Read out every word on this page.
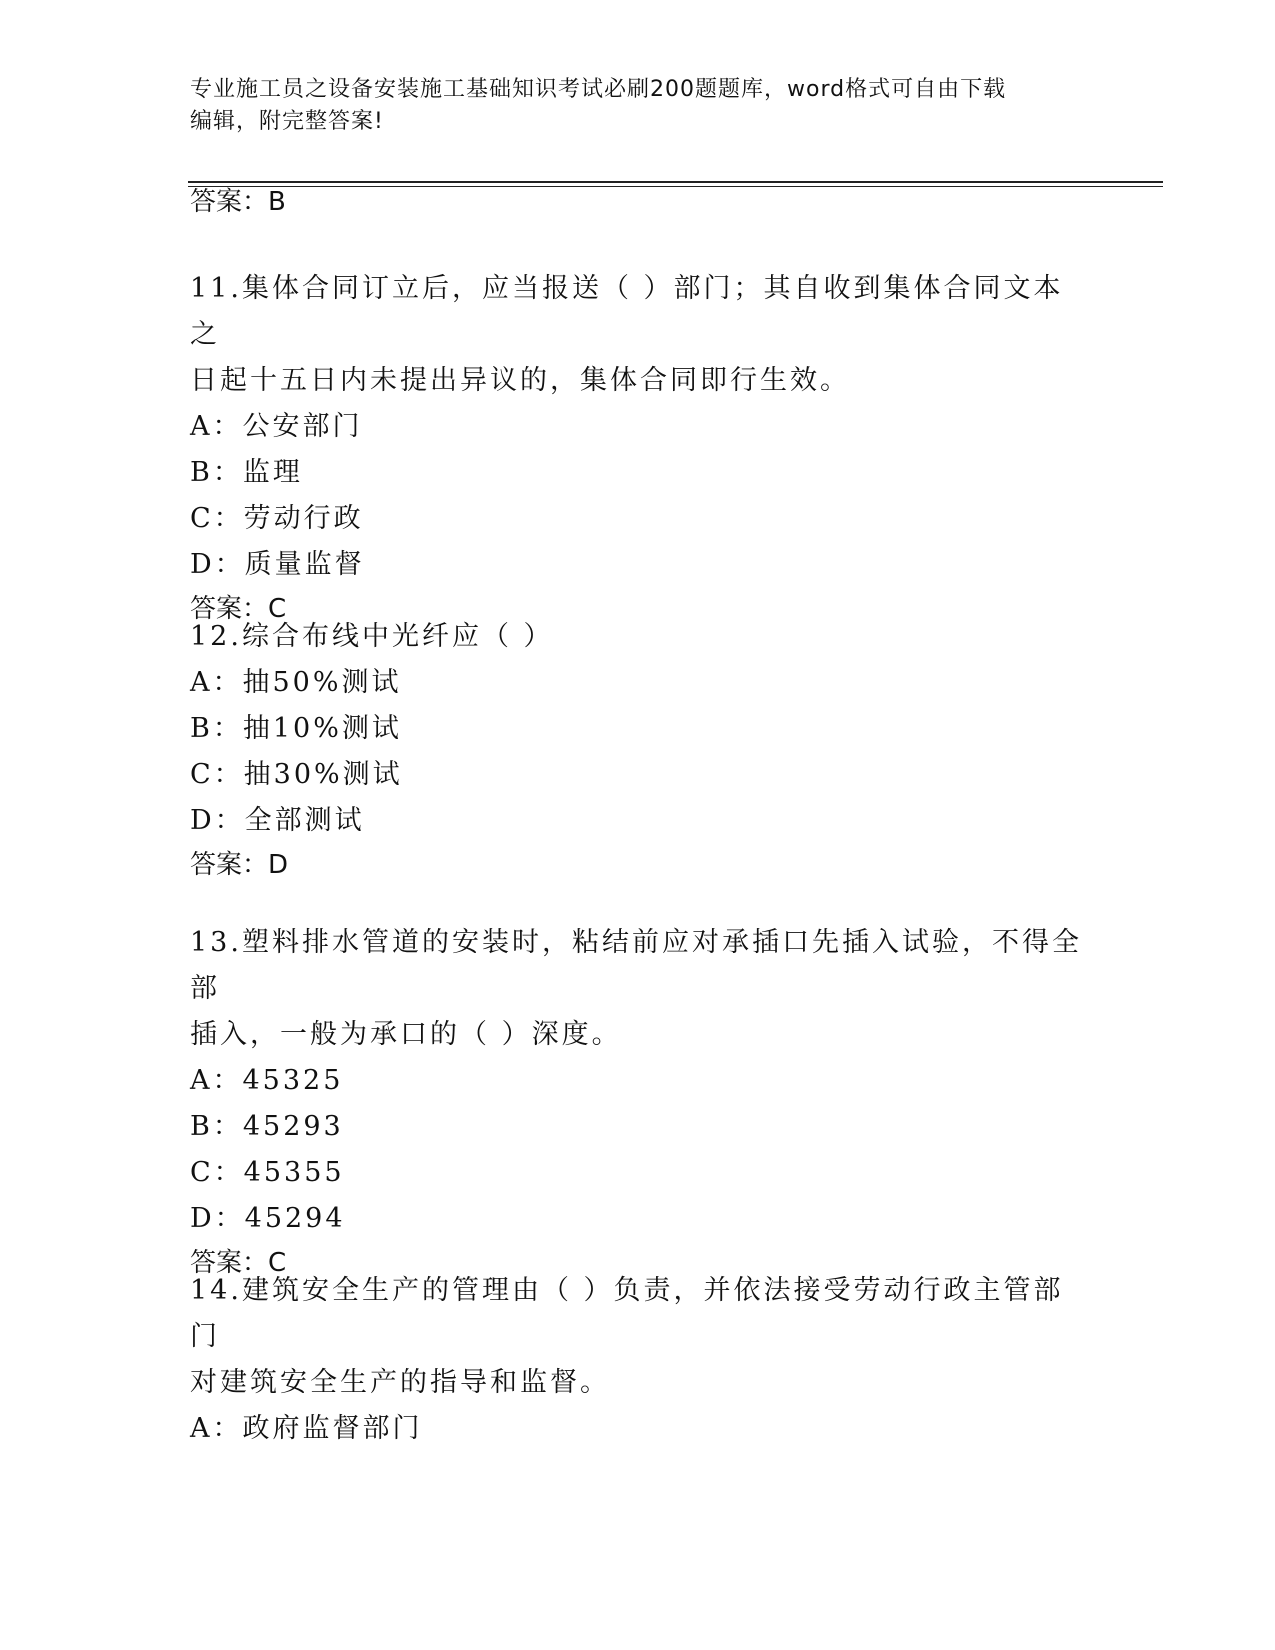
专业施工员之设备安装施工基础知识考试必刷200题题库，word格式可自由下载
编辑，附完整答案!
答案：B
11.集体合同订立后，应当报送（ ）部门；其自收到集体合同文本之
日起十五日内未提出异议的，集体合同即行生效。
A：公安部门
B：监理
C：劳动行政
D：质量监督
答案：C
12.综合布线中光纤应（ ）
A：抽50%测试
B：抽10%测试
C：抽30%测试
D：全部测试
答案：D
13.塑料排水管道的安装时，粘结前应对承插口先插入试验，不得全部
插入，一般为承口的（ ）深度。
A：45325
B：45293
C：45355
D：45294
答案：C
14.建筑安全生产的管理由（ ）负责，并依法接受劳动行政主管部门
对建筑安全生产的指导和监督。
A：政府监督部门
